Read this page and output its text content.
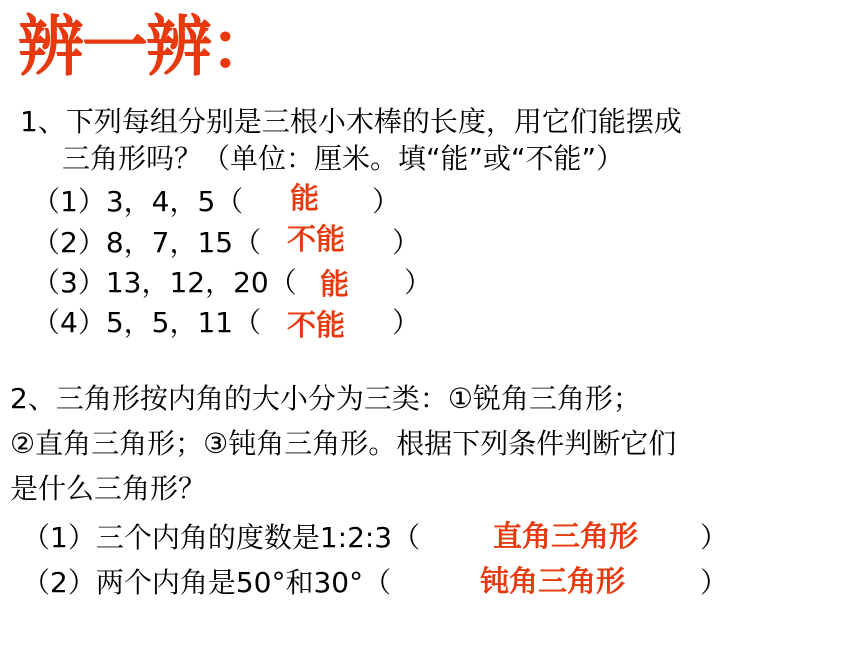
辨一辨：
1、下列每组分别是三根小木棒的长度，用它们能摆成
三角形吗？（单位：厘米。填“能”或“不能”）
（1）3，4，5（ 能 ）
（2）8，7，15（ 不能 ）
（3）13，12，20（ 能 ）
（4）5，5，11（ 不能 ）
2、三角形按内角的大小分为三类：①锐角三角形；
②直角三角形；③钝角三角形。根据下列条件判断它们
是什么三角形？
（1）三个内角的度数是1:2:3（	直角三角形 ）
（2）两个内角是50°和30°（	钝角三角形	）
